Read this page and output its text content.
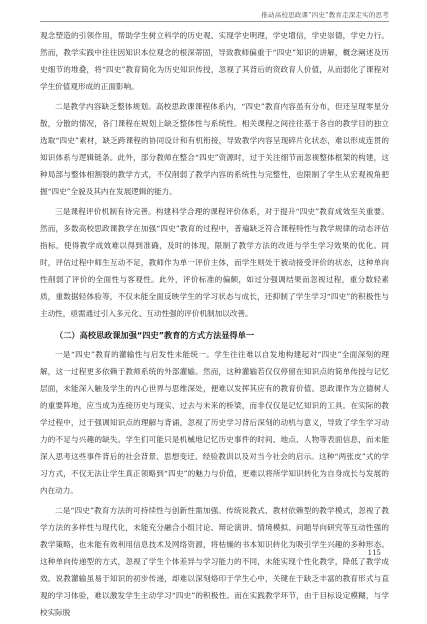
推动高校思政课“四史”教育走深走实的思考

观念塑造的引领作用，帮助学生树立科学的历史观、实现学史明理，学史增信，学史崇德，学史力行。然而，教学实践中往往因知识本位观念的根深蒂固，导致教师偏重于“四史”知识的讲解，概念阐述及历史细节的堆叠，将“四史”教育简化为历史知识传授，忽视了其背后的资政育人价值，从而弱化了课程对学生价值观形成的正面影响。

二是教学内容缺乏整体规划。高校思政课课程体系内，“四史”教育内容虽有分布，但还呈现零星分散，分散的情况，各门课程在规划上缺乏整体性与系统性。相关课程之间往往基于各自的教学目的独立选取“四史”素材，缺乏跨课程的协同设计和有机衔接，导致教学内容呈现碎片化状态，难以形成连贯的知识体系与逻辑链条。此外，部分教师在整合“四史”资源时，过于关注细节而忽视整体框架的构建，这种局部与整体相割裂的教学方式，不仅削弱了教学内容的系统性与完整性，也限制了学生从宏观视角把握“四史”全貌及其内在发展逻辑的能力。

三是课程评价机制有待完善。构建科学合理的课程评价体系，对于提升“四史”教育成效至关重要。然而，多数高校思政课教学在加强“四史”教育的过程中，普遍缺乏符合课程特性与教学规律的动态评估指标，使得教学成效难以得到准确，及时的体现，限制了教学方法的改进与学生学习效果的优化。同时，评估过程中师生互动不足，教师作为单一评价主体，而学生则处于被动接受评价的状态，这种单向性削弱了评价的全面性与客观性。此外，评价标准的偏颇，如过分强调结果而忽视过程，重分数轻素质，重数据轻体验等，不仅未能全面反映学生的学习状态与成长，还抑制了学生学习“四史”的积极性与主动性，亟需通过引入多元化、互动性强的评价机制加以改善。

（二）高校思政课加强“四史”教育的方式方法显得单一

一是“四史”教育的灌输性与启发性未能统一。学生往往难以自发地构建起对“四史”全面深刻的理解，这一过程更多依赖于教师系统的外部灌输。然而，这种灌输若仅仅停留在知识点的简单传授与记忆层面，未能深入触及学生的内心世界与思维深处，便难以发挥其应有的教育价值。思政课作为立德树人的重要阵地，应当成为连接历史与现实、过去与未来的桥梁，而非仅仅是记忆知识的工具。在实际的教学过程中，过于强调知识点的理解与背诵，忽视了历史学习背后深刻的动机与意义，导致了学生学习动力的不足与兴趣的缺失。学生们可能只是机械地记忆历史事件的时间、地点、人物等表面信息，而未能深入思考这些事件背后的社会背景、思想变迁、经验教训以及对当今社会的启示。这种“两张皮”式的学习方式，不仅无法让学生真正领略到“四史”的魅力与价值，更难以将所学知识转化为自身成长与发展的内在动力。

二是“四史”教育方法的可持续性与创新性需加强。传统说教式、教材依赖型的教学模式，忽视了教学方法的多样性与现代化，未能充分融合小组讨论、辩论演讲、情境模拟、问题导向研究等互动性强的教学策略，也未能有效利用信息技术及网络资源，将枯燥的书本知识转化为吸引学生兴趣的多种形态。这种单向传递型的方式，忽视了学生个体差异与学习能力的不同，未能实现个性化教学，降低了教学成效。说教灌输虽易于知识的初步传递，却难以深刻烙印于学生心中，关键在于缺乏丰富的教育形式与直观的学习体验，难以激发学生主动学习“四史”的积极性。而在实践教学环节，由于目标设定模糊，与学校实际脱

115
